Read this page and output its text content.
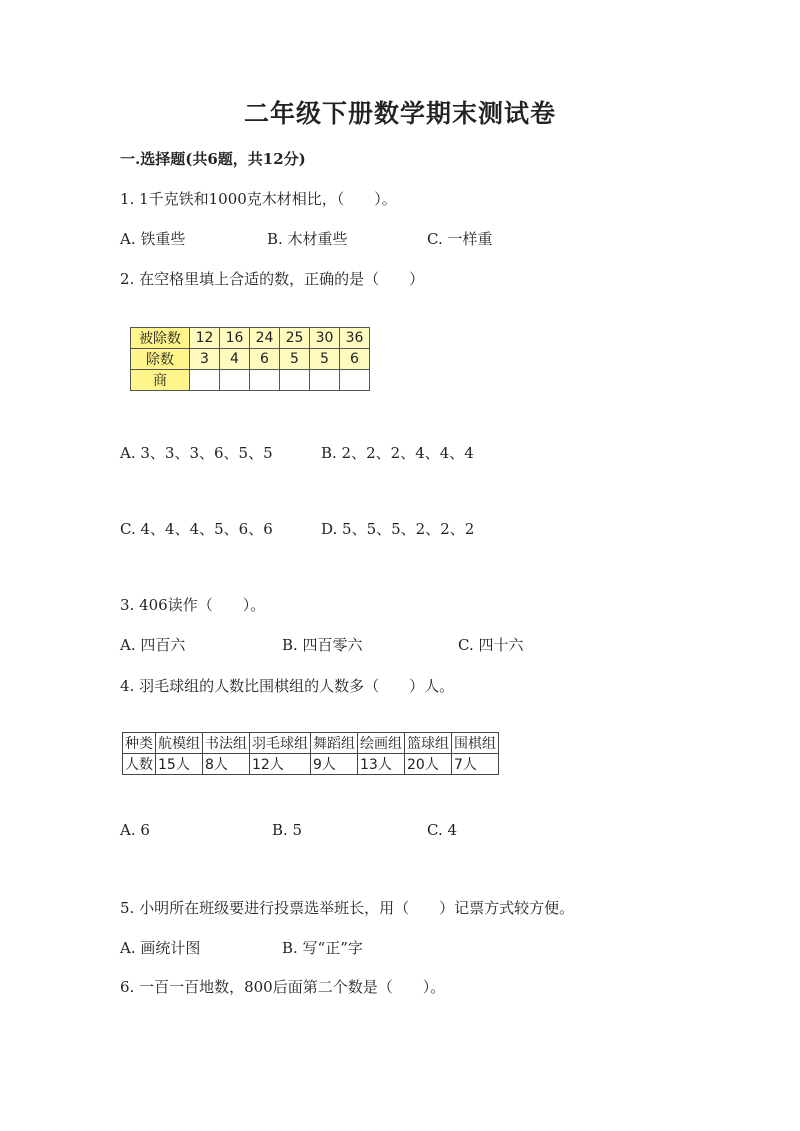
二年级下册数学期末测试卷
一.选择题(共6题，共12分)
1. 1千克铁和1000克木材相比，（　　）。
A. 铁重些	B. 木材重些	C. 一样重
2. 在空格里填上合适的数，正确的是（　　）
被除数	12	16	24	25	30	36
除数	3	4	6	5	5	6
商						
A. 3、3、3、6、5、5	B. 2、2、2、4、4、4
C. 4、4、4、5、6、6	D. 5、5、5、2、2、2
3. 406读作（　　）。
A. 四百六	B. 四百零六	C. 四十六
4. 羽毛球组的人数比围棋组的人数多（　　）人。
种类	航模组	书法组	羽毛球组	舞蹈组	绘画组	篮球组	围棋组
人数	15人	8人	12人	9人	13人	20人	7人
A. 6	B. 5	C. 4
5. 小明所在班级要进行投票选举班长，用（　　）记票方式较方便。
A. 画统计图	B. 写“正”字
6. 一百一百地数，800后面第二个数是（　　）。
